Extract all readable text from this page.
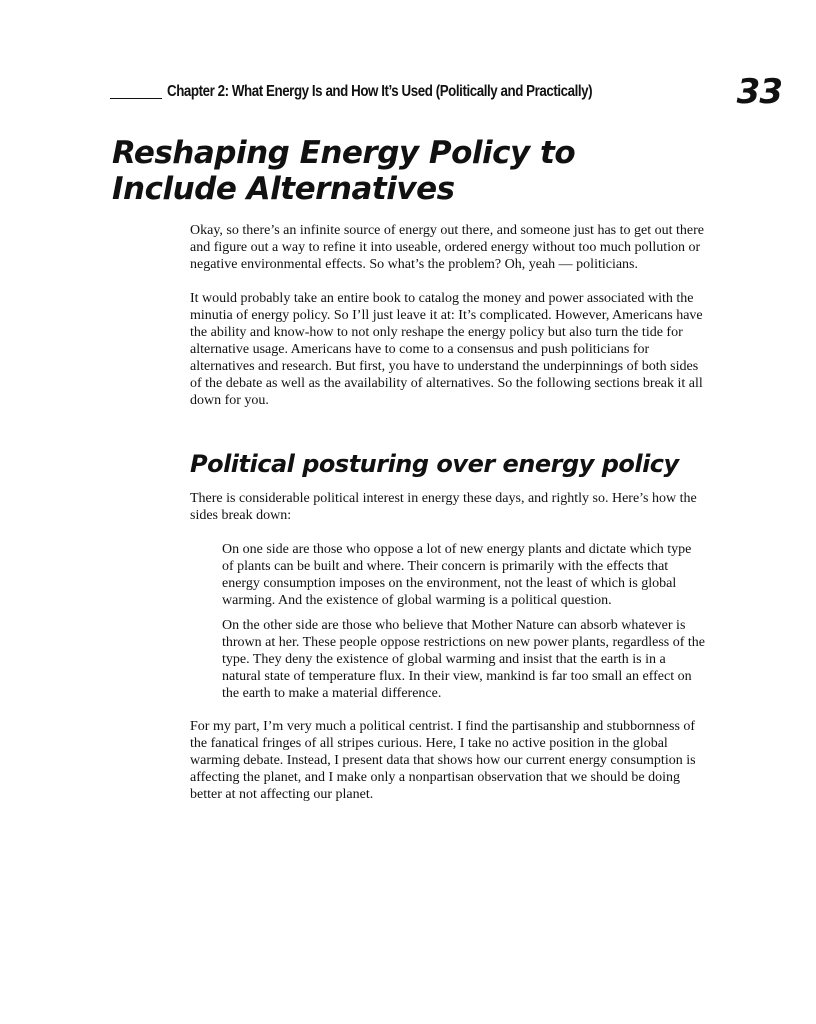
Chapter 2: What Energy Is and How It’s Used (Politically and Practically)	33
Reshaping Energy Policy to
Include Alternatives

Okay, so there’s an infinite source of energy out there, and someone just has to get out there and figure out a way to refine it into useable, ordered energy without too much pollution or negative environmental effects. So what’s the problem? Oh, yeah — politicians.

It would probably take an entire book to catalog the money and power associated with the minutia of energy policy. So I’ll just leave it at: It’s complicated. However, Americans have the ability and know-how to not only reshape the energy policy but also turn the tide for alternative usage. Americans have to come to a consensus and push politicians for alternatives and research. But first, you have to understand the underpinnings of both sides of the debate as well as the availability of alternatives. So the following sections break it all down for you.

Political posturing over energy policy

There is considerable political interest in energy these days, and rightly so. Here’s how the sides break down:

On one side are those who oppose a lot of new energy plants and dictate which type of plants can be built and where. Their concern is primarily with the effects that energy consumption imposes on the environment, not the least of which is global warming. And the existence of global warming is a political question.

On the other side are those who believe that Mother Nature can absorb whatever is thrown at her. These people oppose restrictions on new power plants, regardless of the type. They deny the existence of global warming and insist that the earth is in a natural state of temperature flux. In their view, mankind is far too small an effect on the earth to make a material difference.

For my part, I’m very much a political centrist. I find the partisanship and stubbornness of the fanatical fringes of all stripes curious. Here, I take no active position in the global warming debate. Instead, I present data that shows how our current energy consumption is affecting the planet, and I make only a nonpartisan observation that we should be doing better at not affecting our planet.
